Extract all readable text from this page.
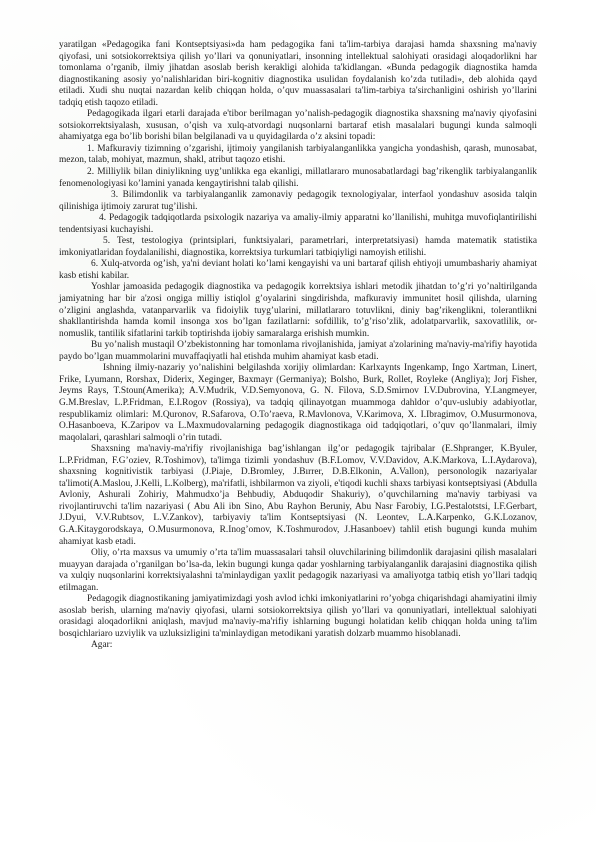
yaratilgan «Pedagogika fani Kontseptsiyasi»da ham pedagogika fani ta'lim-tarbiya darajasi hamda shaxsning ma'naviy qiyofasi, uni sotsiokorrektsiya qilish yo’llari va qonuniyatlari, insonning intellektual salohiyati orasidagi aloqadorlikni har tomonlama o’rganib, ilmiy jihatdan asoslab berish kerakligi alohida ta'kidlangan. «Bunda pedagogik diagnostika hamda diagnostikaning asosiy yo’nalishlaridan biri-kognitiv diagnostika usulidan foydalanish ko’zda tutiladi», deb alohida qayd etiladi. Xudi shu nuqtai nazardan kelib chiqqan holda, o’quv muassasalari ta'lim-tarbiya ta'sirchanligini oshirish yo’llarini tadqiq etish taqozo etiladi.

Pedagogikada ilgari etarli darajada e'tibor berilmagan yo’nalish-pedagogik diagnostika shaxsning ma'naviy qiyofasini sotsiokorrektsiyalash, xususan, o’qish va xulq-atvordagi nuqsonlarni bartaraf etish masalalari bugungi kunda salmoqli ahamiyatga ega bo’lib borishi bilan belgilanadi va u quyidagilarda o’z aksini topadi:

1. Mafkuraviy tizimning o’zgarishi, ijtimoiy yangilanish tarbiyalanganlikka yangicha yondashish, qarash, munosabat, mezon, talab, mohiyat, mazmun, shakl, atribut taqozo etishi.

2. Milliylik bilan diniylikning uyg’unlikka ega ekanligi, millatlararo munosabatlardagi bag’rikenglik tarbiyalanganlik fenomenologiyasi ko’lamini yanada kengaytirishni talab qilishi.

3. Bilimdonlik va tarbiyalanganlik zamonaviy pedagogik texnologiyalar, interfaol yondashuv asosida talqin qilinishiga ijtimoiy zarurat tug’ilishi.

4. Pedagogik tadqiqotlarda psixologik nazariya va amaliy-ilmiy apparatni ko’llanilishi, muhitga muvofiqlantirilishi tendentsiyasi kuchayishi.

5. Test, testologiya (printsiplari, funktsiyalari, parametrlari, interpretatsiyasi) hamda matematik statistika imkoniyatlaridan foydalanilishi, diagnostika, korrektsiya turkumlari tatbiqiyligi namoyish etilishi.

6. Xulq-atvorda og’ish, ya'ni deviant holati ko’lami kengayishi va uni bartaraf qilish ehtiyoji umumbashariy ahamiyat kasb etishi kabilar.

Yoshlar jamoasida pedagogik diagnostika va pedagogik korrektsiya ishlari metodik jihatdan to’g’ri yo’naltirilganda jamiyatning har bir a'zosi ongiga milliy istiqlol g’oyalarini singdirishda, mafkuraviy immunitet hosil qilishda, ularning o’zligini anglashda, vatanparvarlik va fidoiylik tuyg’ularini, millatlararo totuvlikni, diniy bag’rikenglikni, tolerantlikni shakllantirishda hamda komil insonga xos bo’lgan fazilatlarni: sofdillik, to’g’riso’zlik, adolatparvarlik, saxovatlilik, or-nomuslik, tantilik sifatlarini tarkib toptirishda ijobiy samaralarga erishish mumkin.

Bu yo’nalish mustaqil O’zbekistonning har tomonlama rivojlanishida, jamiyat a'zolarining ma'naviy-ma'rifiy hayotida paydo bo’lgan muammolarini muvaffaqiyatli hal etishda muhim ahamiyat kasb etadi.

Ishning ilmiy-nazariy yo’nalishini belgilashda xorijiy olimlardan: Karlxaynts Ingenkamp, Ingo Xartman, Linert, Frike, Lyumann, Rorshax, Diderix, Xeginger, Baxmayr (Germaniya); Bolsho, Burk, Rollet, Royleke (Angliya); Jorj Fisher, Jeyms Rays, T.Stoun(Amerika); A.V.Mudrik, V.D.Semyonova, G. N. Filova, S.D.Smirnov I.V.Dubrovina, Y.Langmeyer, G.M.Breslav, L.P.Fridman, E.I.Rogov (Rossiya), va tadqiq qilinayotgan muammoga dahldor o’quv-uslubiy adabiyotlar, respublikamiz olimlari: M.Quronov, R.Safarova, O.To’raeva, R.Mavlonova, V.Karimova, X. I.Ibragimov, O.Musurmonova, O.Hasanboeva, K.Zaripov va L.Maxmudovalarning pedagogik diagnostikaga oid tadqiqotlari, o’quv qo’llanmalari, ilmiy maqolalari, qarashlari salmoqli o’rin tutadi.

Shaxsning ma'naviy-ma'rifiy rivojlanishiga bag’ishlangan ilg’or pedagogik tajribalar (E.Shpranger, K.Byuler, L.P.Fridman, F.G’oziev, R.Toshimov), ta'limga tizimli yondashuv (B.F.Lomov, V.V.Davidov, A.K.Markova, L.I.Aydarova), shaxsning kognitivistik tarbiyasi (J.Piaje, D.Bromley, J.Bırrer, D.B.Elkonin, A.Vallon), personologik nazariyalar ta'limoti(A.Maslou, J.Kelli, L.Kolberg), ma'rifatli, ishbilarmon va ziyoli, e'tiqodi kuchli shaxs tarbiyasi kontseptsiyasi (Abdulla Avloniy, Ashurali Zohiriy, Mahmudxo’ja Behbudiy, Abduqodir Shakuriy), o’quvchilarning ma'naviy tarbiyasi va rivojlantiruvchi ta'lim nazariyasi ( Abu Ali ibn Sino, Abu Rayhon Beruniy, Abu Nasr Farobiy, I.G.Pestalotstsi, I.F.Gerbart, J.Dyui, V.V.Rubtsov, L.V.Zankov), tarbiyaviy ta'lim Kontseptsiyasi (N. Leontev, L.A.Karpenko, G.K.Lozanov, G.A.Kitaygorodskaya, O.Musurmonova, R.Inog’omov, K.Toshmurodov, J.Hasanboev) tahlil etish bugungi kunda muhim ahamiyat kasb etadi.

Oliy, o’rta maxsus va umumiy o’rta ta'lim muassasalari tahsil oluvchilarining bilimdonlik darajasini qilish masalalari muayyan darajada o’rganilgan bo’lsa-da, lekin bugungi kunga qadar yoshlarning tarbiyalanganlik darajasini diagnostika qilish va xulqiy nuqsonlarini korrektsiyalashni ta'minlaydigan yaxlit pedagogik nazariyasi va amaliyotga tatbiq etish yo’llari tadqiq etilmagan.

Pedagogik diagnostikaning jamiyatimizdagi yosh avlod ichki imkoniyatlarini ro’yobga chiqarishdagi ahamiyatini ilmiy asoslab berish, ularning ma'naviy qiyofasi, ularni sotsiokorrektsiya qilish yo’llari va qonuniyatlari, intellektual salohiyati orasidagi aloqadorlikni aniqlash, mavjud ma'naviy-ma'rifiy ishlarning bugungi holatidan kelib chiqqan holda uning ta'lim bosqichlariaro uzviylik va uzluksizligini ta'minlaydigan metodikani yaratish dolzarb muammo hisoblanadi.

Agar:
